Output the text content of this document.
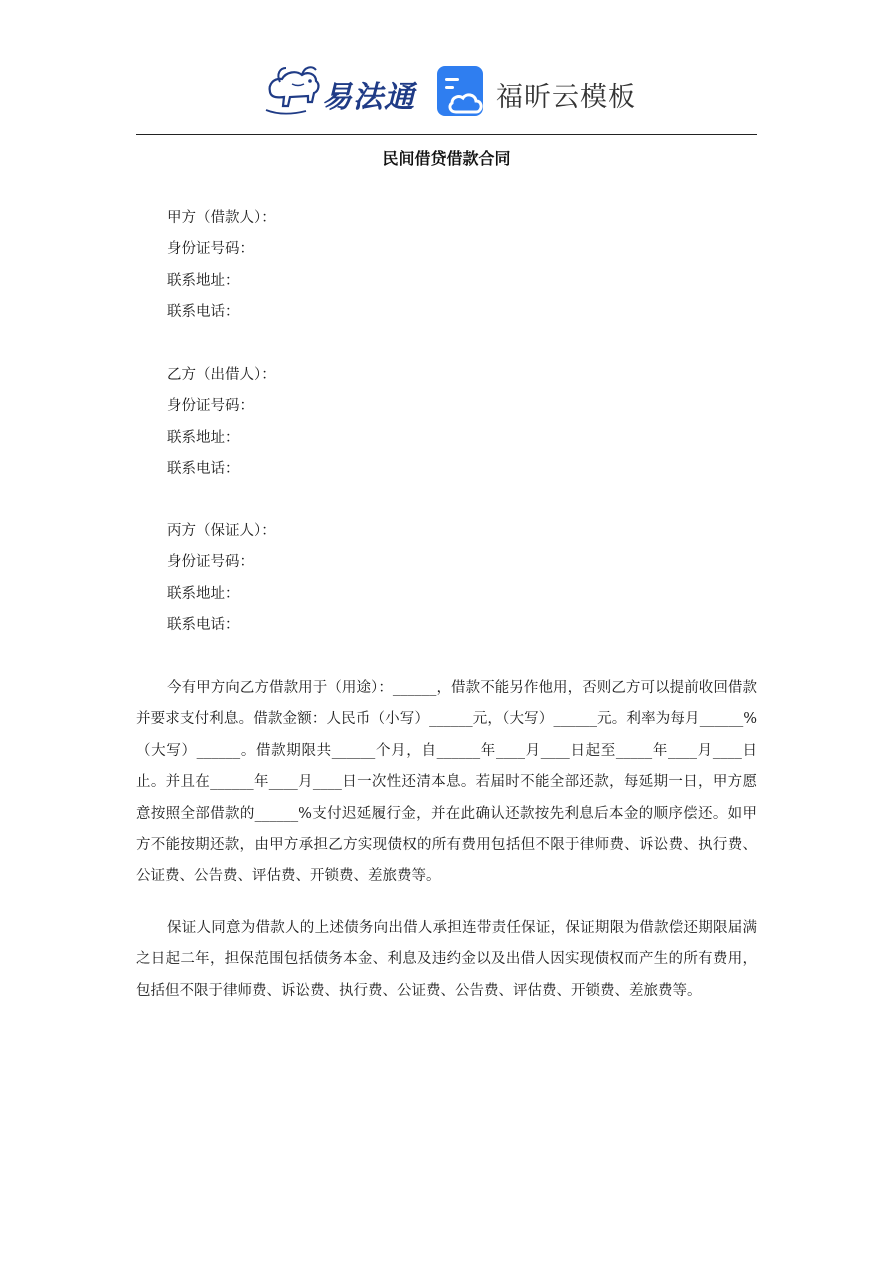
易法通	福昕云模板
民间借贷借款合同
甲方（借款人）：
身份证号码：
联系地址：
联系电话：
乙方（出借人）：
身份证号码：
联系地址：
联系电话：
丙方（保证人）：
身份证号码：
联系地址：
联系电话：

今有甲方向乙方借款用于（用途）：______，借款不能另作他用，否则乙方可以提前收回借款并要求支付利息。借款金额：人民币（小写）______元，（大写）______元。利率为每月______%（大写）______。借款期限共______个月，自______年____月____日起至_____年____月____日止。并且在______年____月____日一次性还清本息。若届时不能全部还款，每延期一日，甲方愿意按照全部借款的______%支付迟延履行金，并在此确认还款按先利息后本金的顺序偿还。如甲方不能按期还款，由甲方承担乙方实现债权的所有费用包括但不限于律师费、诉讼费、执行费、公证费、公告费、评估费、开锁费、差旅费等。

保证人同意为借款人的上述债务向出借人承担连带责任保证，保证期限为借款偿还期限届满之日起二年，担保范围包括债务本金、利息及违约金以及出借人因实现债权而产生的所有费用，包括但不限于律师费、诉讼费、执行费、公证费、公告费、评估费、开锁费、差旅费等。
